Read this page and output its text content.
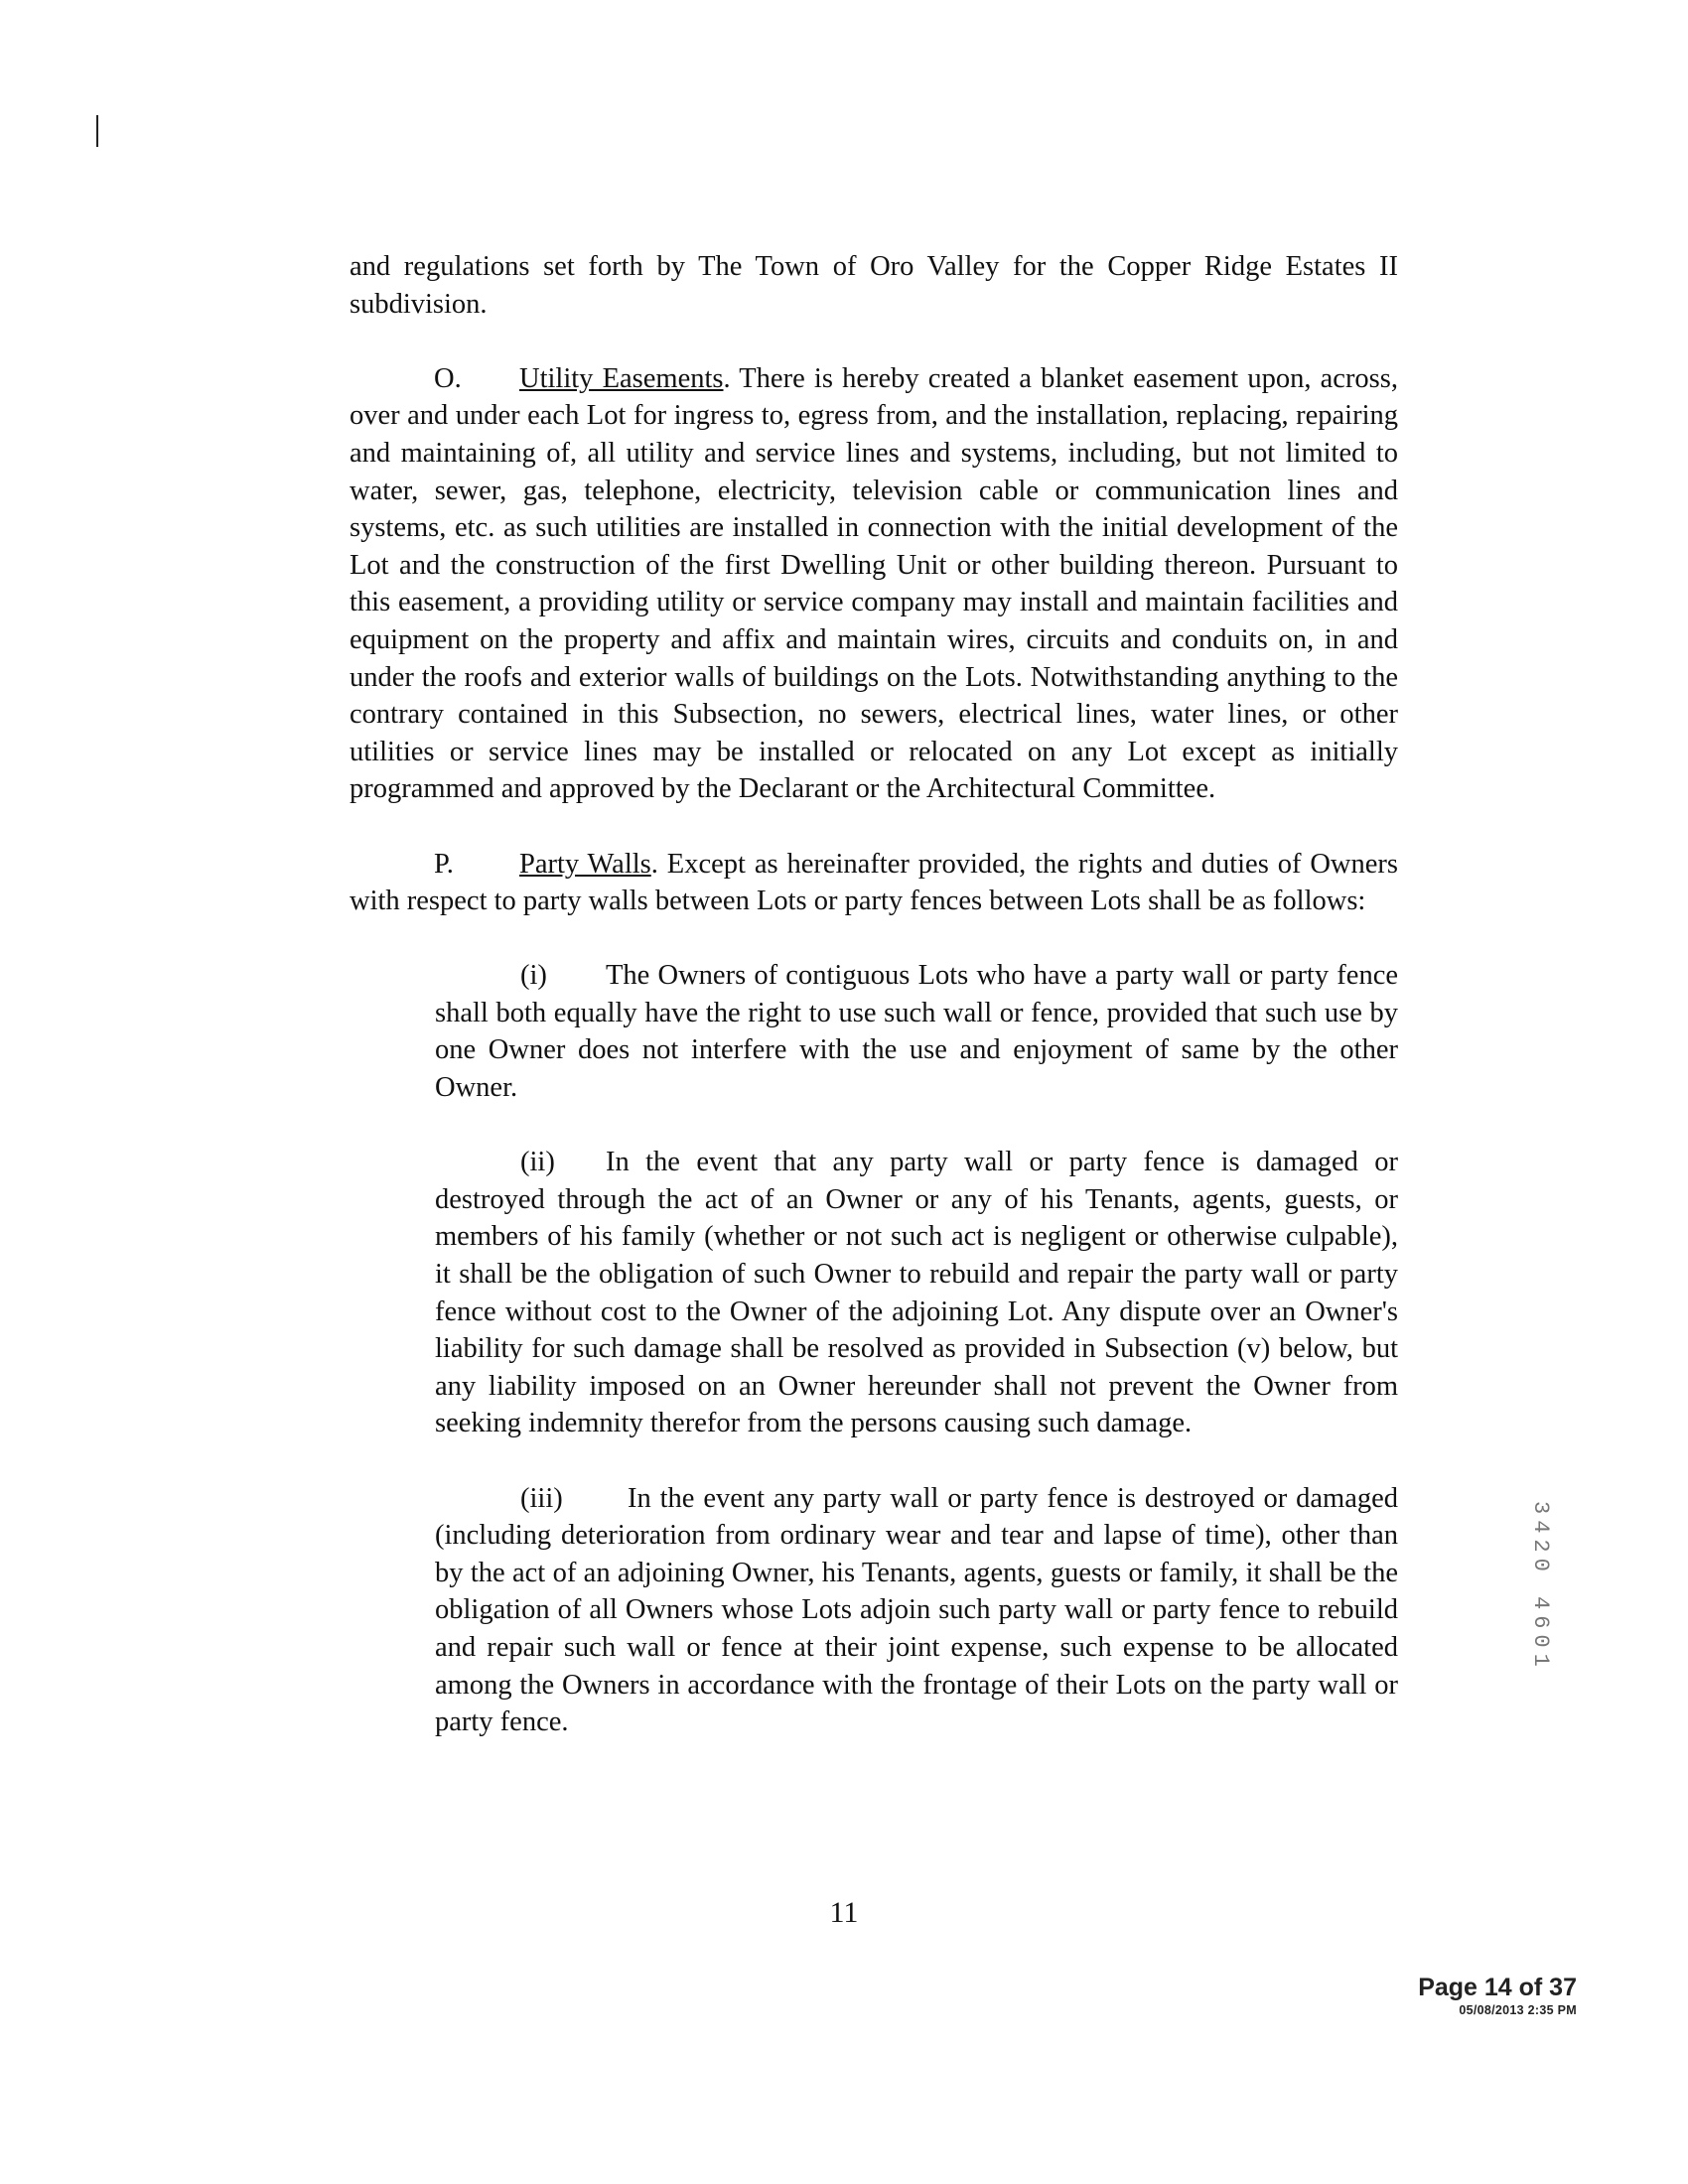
and regulations set forth by The Town of Oro Valley for the Copper Ridge Estates II subdivision.

O. Utility Easements. There is hereby created a blanket easement upon, across, over and under each Lot for ingress to, egress from, and the installation, replacing, repairing and maintaining of, all utility and service lines and systems, including, but not limited to water, sewer, gas, telephone, electricity, television cable or communication lines and systems, etc. as such utilities are installed in connection with the initial development of the Lot and the construction of the first Dwelling Unit or other building thereon. Pursuant to this easement, a providing utility or service company may install and maintain facilities and equipment on the property and affix and maintain wires, circuits and conduits on, in and under the roofs and exterior walls of buildings on the Lots. Notwithstanding anything to the contrary contained in this Subsection, no sewers, electrical lines, water lines, or other utilities or service lines may be installed or relocated on any Lot except as initially programmed and approved by the Declarant or the Architectural Committee.

P. Party Walls. Except as hereinafter provided, the rights and duties of Owners with respect to party walls between Lots or party fences between Lots shall be as follows:

(i) The Owners of contiguous Lots who have a party wall or party fence shall both equally have the right to use such wall or fence, provided that such use by one Owner does not interfere with the use and enjoyment of same by the other Owner.

(ii) In the event that any party wall or party fence is damaged or destroyed through the act of an Owner or any of his Tenants, agents, guests, or members of his family (whether or not such act is negligent or otherwise culpable), it shall be the obligation of such Owner to rebuild and repair the party wall or party fence without cost to the Owner of the adjoining Lot. Any dispute over an Owner's liability for such damage shall be resolved as provided in Subsection (v) below, but any liability imposed on an Owner hereunder shall not prevent the Owner from seeking indemnity therefor from the persons causing such damage.

(iii) In the event any party wall or party fence is destroyed or damaged (including deterioration from ordinary wear and tear and lapse of time), other than by the act of an adjoining Owner, his Tenants, agents, guests or family, it shall be the obligation of all Owners whose Lots adjoin such party wall or party fence to rebuild and repair such wall or fence at their joint expense, such expense to be allocated among the Owners in accordance with the frontage of their Lots on the party wall or party fence.

11
3420 4601
Page 14 of 37
05/08/2013 2:35 PM
